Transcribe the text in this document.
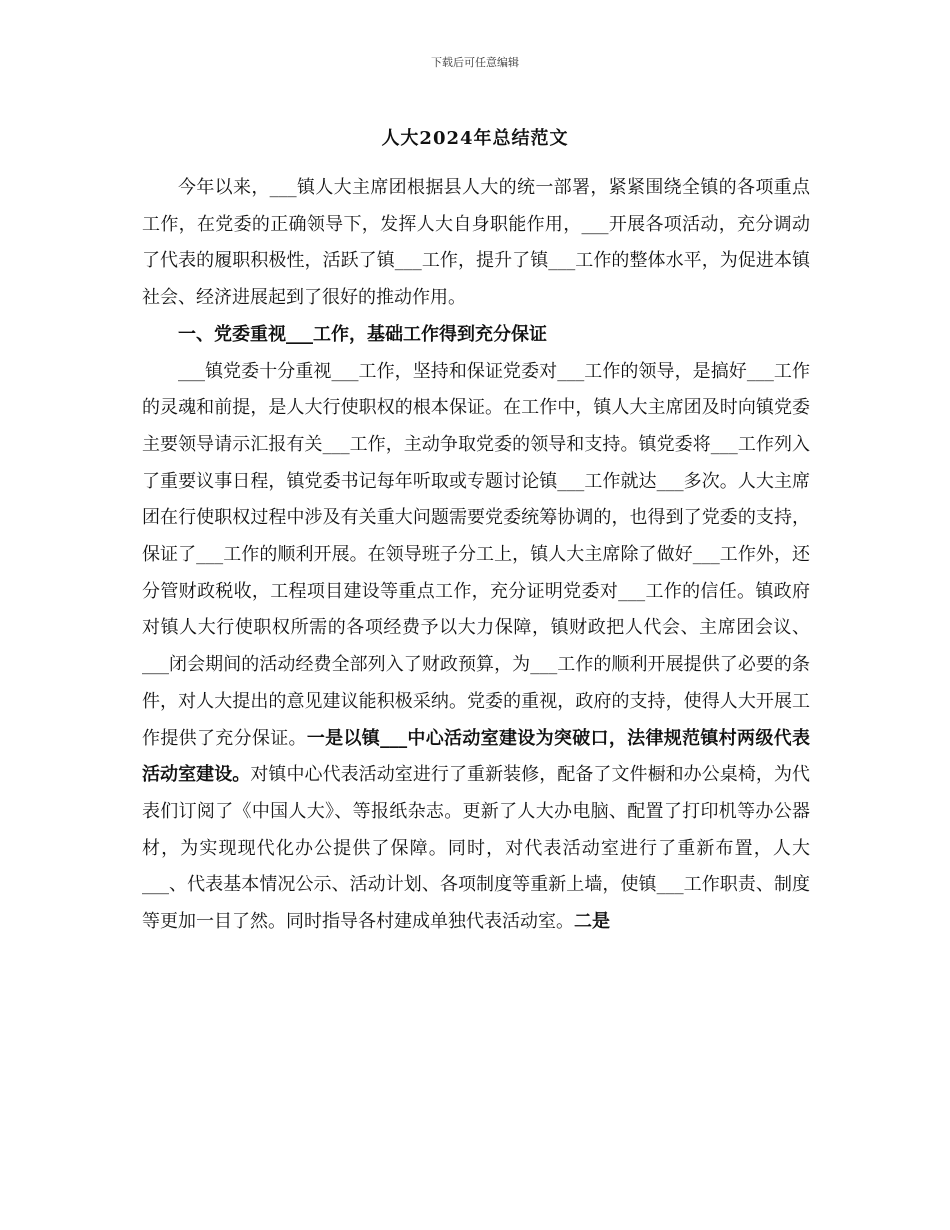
下载后可任意编辑
人大2024年总结范文

今年以来，___镇人大主席团根据县人大的统一部署，紧紧围绕全镇的各项重点工作，在党委的正确领导下，发挥人大自身职能作用，___开展各项活动，充分调动了代表的履职积极性，活跃了镇___工作，提升了镇___工作的整体水平，为促进本镇社会、经济进展起到了很好的推动作用。

一、党委重视___工作，基础工作得到充分保证

___镇党委十分重视___工作，坚持和保证党委对___工作的领导，是搞好___工作的灵魂和前提，是人大行使职权的根本保证。在工作中，镇人大主席团及时向镇党委主要领导请示汇报有关___工作，主动争取党委的领导和支持。镇党委将___工作列入了重要议事日程，镇党委书记每年听取或专题讨论镇___工作就达___多次。人大主席团在行使职权过程中涉及有关重大问题需要党委统筹协调的，也得到了党委的支持，保证了___工作的顺利开展。在领导班子分工上，镇人大主席除了做好___工作外，还分管财政税收，工程项目建设等重点工作，充分证明党委对___工作的信任。镇政府对镇人大行使职权所需的各项经费予以大力保障，镇财政把人代会、主席团会议、___闭会期间的活动经费全部列入了财政预算，为___工作的顺利开展提供了必要的条件，对人大提出的意见建议能积极采纳。党委的重视，政府的支持，使得人大开展工作提供了充分保证。一是以镇___中心活动室建设为突破口，法律规范镇村两级代表活动室建设。对镇中心代表活动室进行了重新装修，配备了文件橱和办公桌椅，为代表们订阅了《中国人大》、等报纸杂志。更新了人大办电脑、配置了打印机等办公器材，为实现现代化办公提供了保障。同时，对代表活动室进行了重新布置，人大___、代表基本情况公示、活动计划、各项制度等重新上墙，使镇___工作职责、制度等更加一目了然。同时指导各村建成单独代表活动室。二是
